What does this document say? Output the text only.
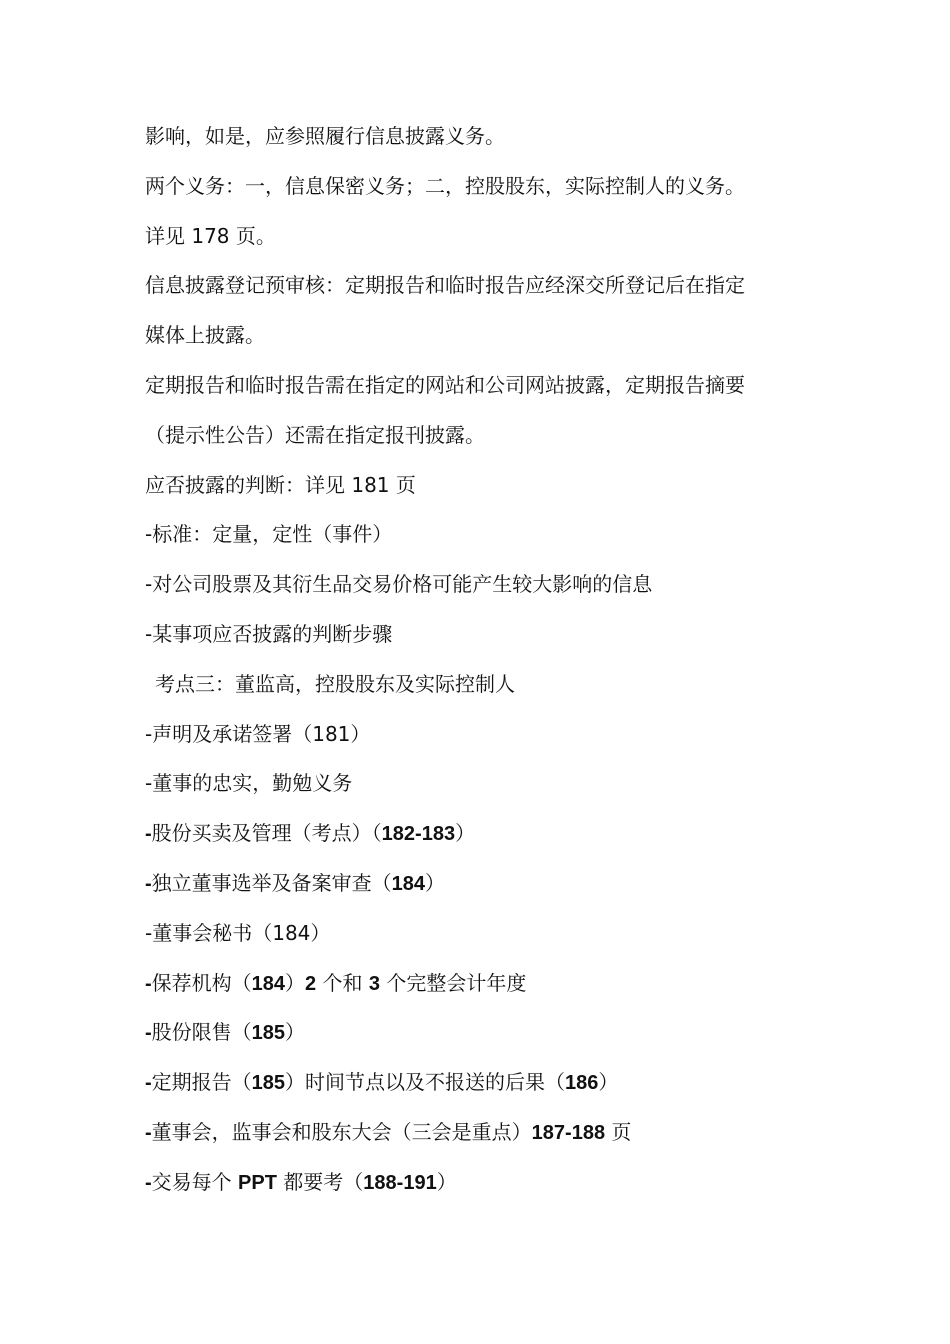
影响，如是，应参照履行信息披露义务。
两个义务：一，信息保密义务；二，控股股东，实际控制人的义务。
详见 178 页。
信息披露登记预审核：定期报告和临时报告应经深交所登记后在指定
媒体上披露。
定期报告和临时报告需在指定的网站和公司网站披露，定期报告摘要
（提示性公告）还需在指定报刊披露。
应否披露的判断：详见 181 页
-标准：定量，定性（事件）
-对公司股票及其衍生品交易价格可能产生较大影响的信息
-某事项应否披露的判断步骤
考点三：董监高，控股股东及实际控制人
-声明及承诺签署（181）
-董事的忠实，勤勉义务
-股份买卖及管理（考点）（182-183）
-独立董事选举及备案审查（184）
-董事会秘书（184）
-保荐机构（184）2 个和 3 个完整会计年度
-股份限售（185）
-定期报告（185）时间节点以及不报送的后果（186）
-董事会，监事会和股东大会（三会是重点）187-188 页
-交易每个 PPT 都要考（188-191）
